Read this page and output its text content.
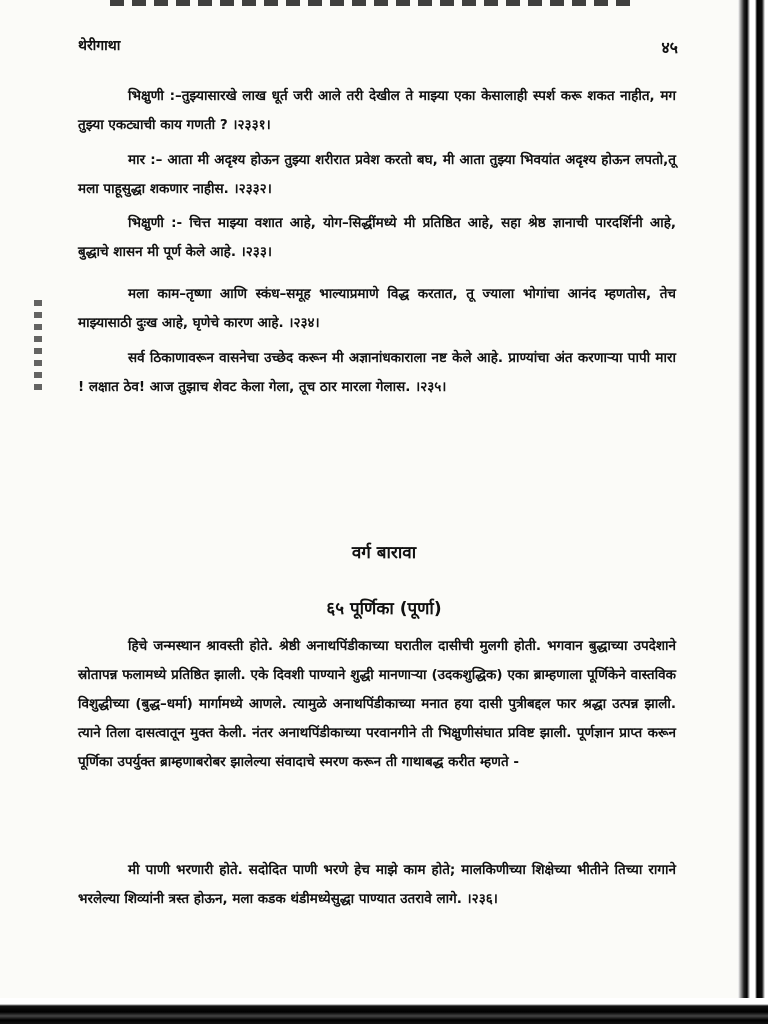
थेरीगाथा	४५

भिक्षुणी :–तुझ्यासारखे लाख धूर्त जरी आले तरी देखील ते माझ्या एका केसालाही स्पर्श करू शकत नाहीत, मग तुझ्या एकट्याची काय गणती ? ।२३३१।

मार :– आता मी अदृश्य होऊन तुझ्या शरीरात प्रवेश करतो बघ, मी आता तुझ्या भिवयांत अदृश्य होऊन लपतो,तू मला पाहूसुद्धा शकणार नाहीस. ।२३३२।

भिक्षुणी :- चित्त माझ्या वशात आहे, योग–सिद्धींमध्ये मी प्रतिष्ठित आहे, सहा श्रेष्ठ ज्ञानाची पारदर्शिनी आहे, बुद्धाचे शासन मी पूर्ण केले आहे. ।२३३।

मला काम–तृष्णा आणि स्कंध–समूह भाल्याप्रमाणे विद्ध करतात, तू ज्याला भोगांचा आनंद म्हणतोस, तेच माझ्यासाठी दुःख आहे, घृणेचे कारण आहे. ।२३४।

सर्व ठिकाणावरून वासनेचा उच्छेद करून मी अज्ञानांधकाराला नष्ट केले आहे. प्राण्यांचा अंत करणाऱ्या पापी मारा ! लक्षात ठेव! आज तुझाच शेवट केला गेला, तूच ठार मारला गेलास. ।२३५।

वर्ग बारावा
६५ पूर्णिका (पूर्णा)

हिचे जन्मस्थान श्रावस्ती होते. श्रेष्ठी अनाथपिंडीकाच्या घरातील दासीची मुलगी होती. भगवान बुद्धाच्या उपदेशाने स्रोतापन्न फलामध्ये प्रतिष्ठित झाली. एके दिवशी पाण्याने शुद्धी मानणाऱ्या (उदकशुद्धिक) एका ब्राम्हणाला पूर्णिकेने वास्तविक विशुद्धीच्या (बुद्ध–धर्मा) मार्गामध्ये आणले. त्यामुळे अनाथपिंडीकाच्या मनात हया दासी पुत्रीबद्दल फार श्रद्धा उत्पन्न झाली. त्याने तिला दासत्वातून मुक्त केली. नंतर अनाथपिंडीकाच्या परवानगीने ती भिक्षुणीसंघात प्रविष्ट झाली. पूर्णज्ञान प्राप्त करून पूर्णिका उपर्युक्त ब्राम्हणाबरोबर झालेल्या संवादाचे स्मरण करून ती गाथाबद्ध करीत म्हणते -

मी पाणी भरणारी होते. सदोदित पाणी भरणे हेच माझे काम होते; मालकिणीच्या शिक्षेच्या भीतीने तिच्या रागाने भरलेल्या शिव्यांनी त्रस्त होऊन, मला कडक थंडीमध्येसुद्धा पाण्यात उतरावे लागे. ।२३६।
